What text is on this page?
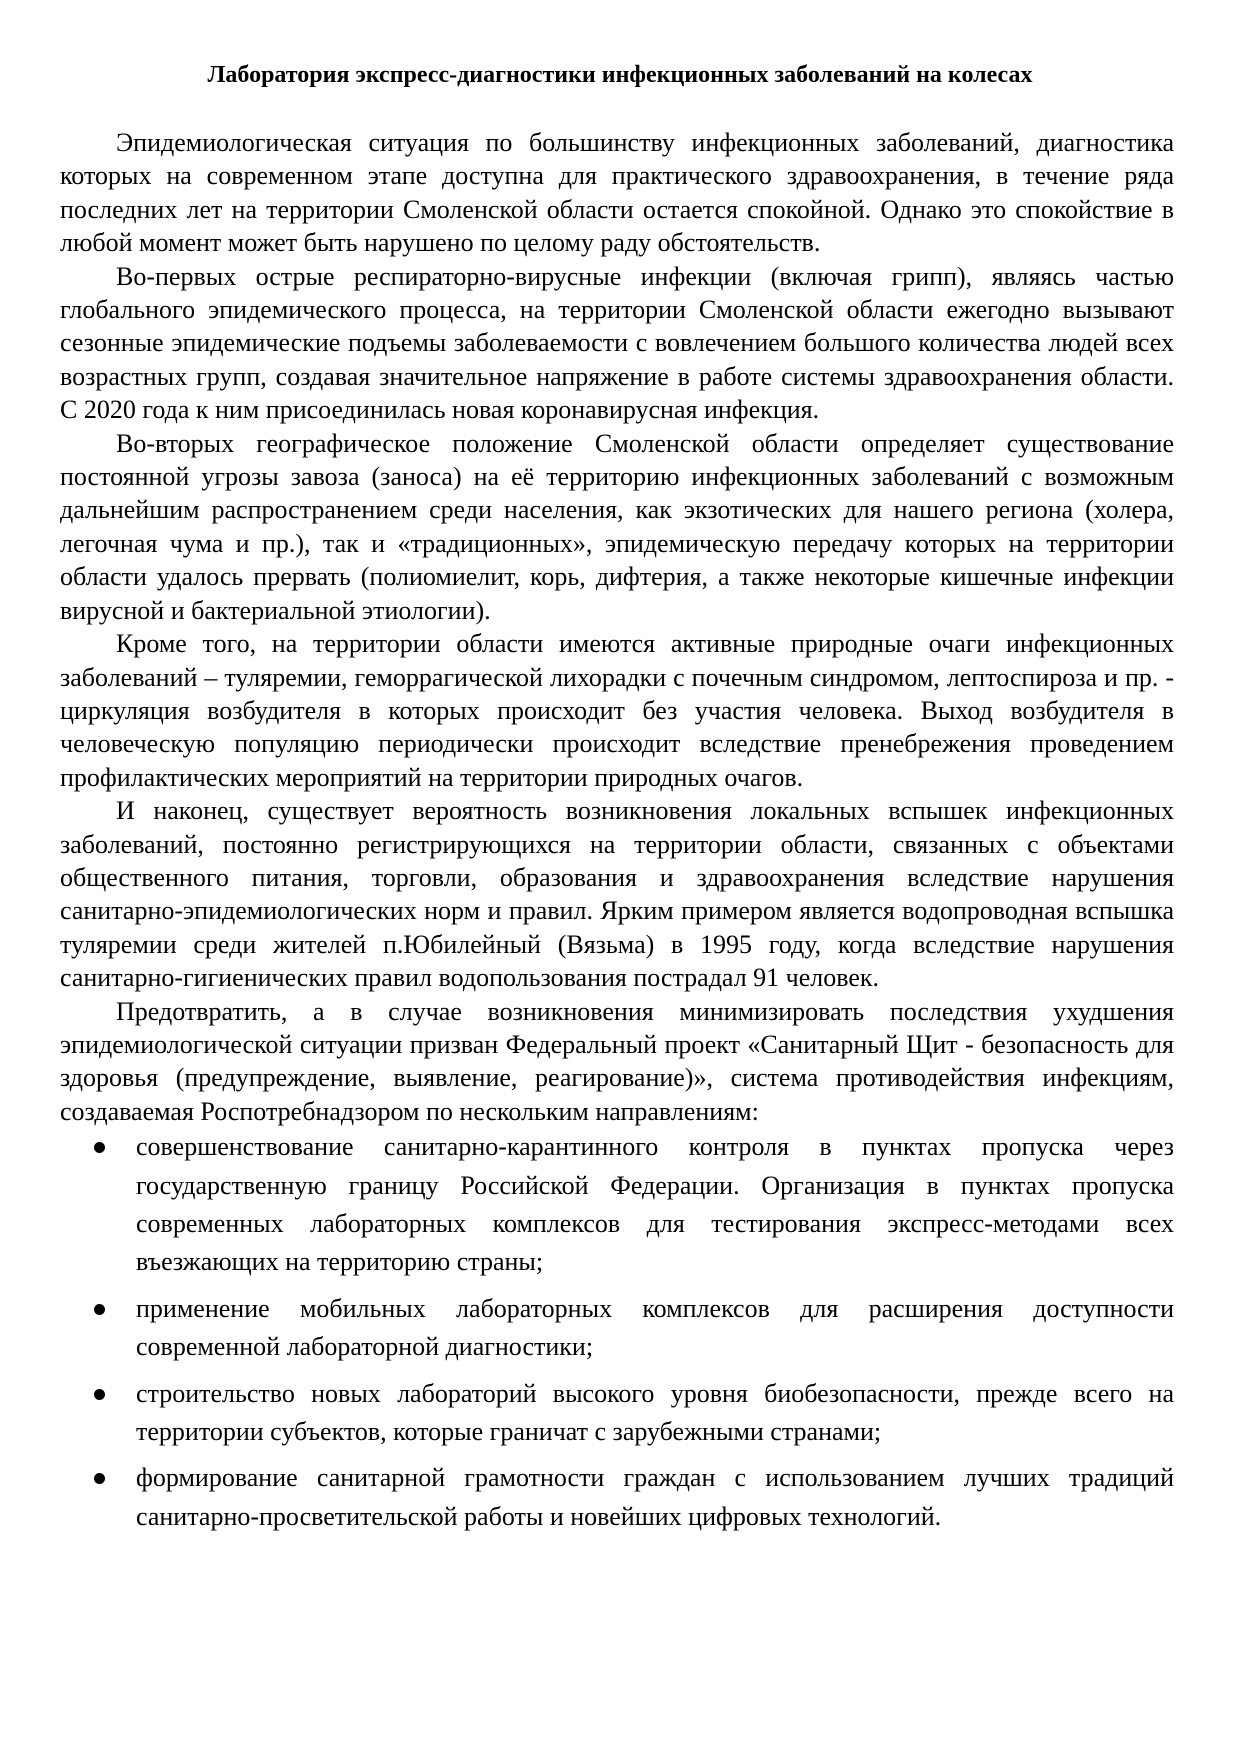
Лаборатория экспресс-диагностики инфекционных заболеваний на колесах

Эпидемиологическая ситуация по большинству инфекционных заболеваний, диагностика которых на современном этапе доступна для практического здравоохранения, в течение ряда последних лет на территории Смоленской области остается спокойной. Однако это спокойствие в любой момент может быть нарушено по целому раду обстоятельств.

Во-первых острые респираторно-вирусные инфекции (включая грипп), являясь частью глобального эпидемического процесса, на территории Смоленской области ежегодно вызывают сезонные эпидемические подъемы заболеваемости с вовлечением большого количества людей всех возрастных групп, создавая значительное напряжение в работе системы здравоохранения области. С 2020 года к ним присоединилась новая коронавирусная инфекция.

Во-вторых географическое положение Смоленской области определяет существование постоянной угрозы завоза (заноса) на её территорию инфекционных заболеваний с возможным дальнейшим распространением среди населения, как экзотических для нашего региона (холера, легочная чума и пр.), так и «традиционных», эпидемическую передачу которых на территории области удалось прервать (полиомиелит, корь, дифтерия, а также некоторые кишечные инфекции вирусной и бактериальной этиологии).

Кроме того, на территории области имеются активные природные очаги инфекционных заболеваний – туляремии, геморрагической лихорадки с почечным синдромом, лептоспироза и пр. - циркуляция возбудителя в которых происходит без участия человека. Выход возбудителя в человеческую популяцию периодически происходит вследствие пренебрежения проведением профилактических мероприятий на территории природных очагов.

И наконец, существует вероятность возникновения локальных вспышек инфекционных заболеваний, постоянно регистрирующихся на территории области, связанных с объектами общественного питания, торговли, образования и здравоохранения вследствие нарушения санитарно-эпидемиологических норм и правил. Ярким примером является водопроводная вспышка туляремии среди жителей п.Юбилейный (Вязьма) в 1995 году, когда вследствие нарушения санитарно-гигиенических правил водопользования пострадал 91 человек.

Предотвратить, а в случае возникновения минимизировать последствия ухудшения эпидемиологической ситуации призван Федеральный проект «Санитарный Щит - безопасность для здоровья (предупреждение, выявление, реагирование)», система противодействия инфекциям, создаваемая Роспотребнадзором по нескольким направлениям:

совершенствование санитарно-карантинного контроля в пунктах пропуска через государственную границу Российской Федерации. Организация в пунктах пропуска современных лабораторных комплексов для тестирования экспресс-методами всех въезжающих на территорию страны;
применение мобильных лабораторных комплексов для расширения доступности современной лабораторной диагностики;
строительство новых лабораторий высокого уровня биобезопасности, прежде всего на территории субъектов, которые граничат с зарубежными странами;
формирование санитарной грамотности граждан с использованием лучших традиций санитарно-просветительской работы и новейших цифровых технологий.
